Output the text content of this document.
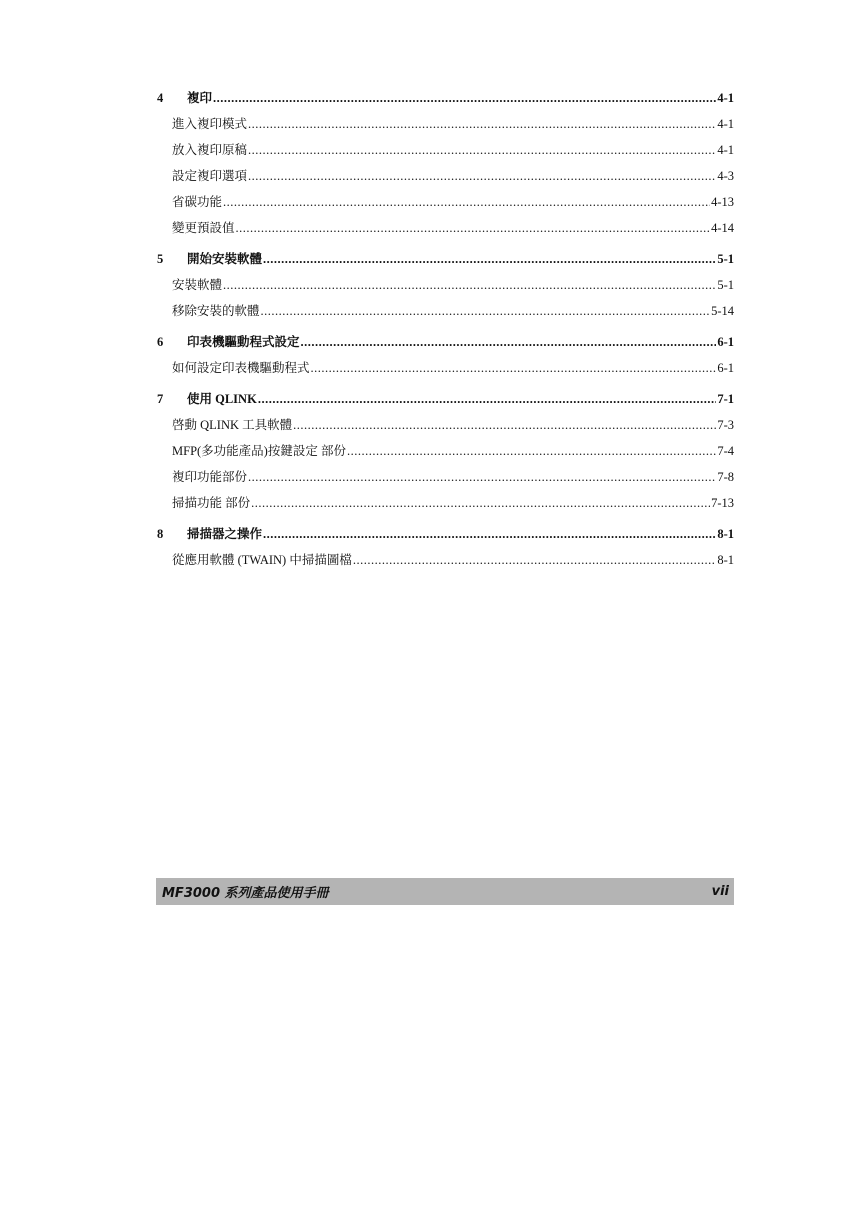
4	複印 .....	4-1
進入複印模式 .....	4-1
放入複印原稿 .....	4-1
設定複印選項 .....	4-3
省碳功能 .....	4-13
變更預設值 .....	4-14
5	開始安裝軟體 .....	5-1
安裝軟體 .....	5-1
移除安裝的軟體 .....	5-14
6	印表機驅動程式設定 .....	6-1
如何設定印表機驅動程式 .....	6-1
7	使用 QLINK .....	7-1
啓動 QLINK 工具軟體 .....	7-3
MFP(多功能產品)按鍵設定 部份 .....	7-4
複印功能部份 .....	7-8
掃描功能 部份 .....	7-13
8	掃描器之操作 .....	8-1
從應用軟體 (TWAIN) 中掃描圖檔 .....	8-1
MF3000 系列產品使用手冊	vii
